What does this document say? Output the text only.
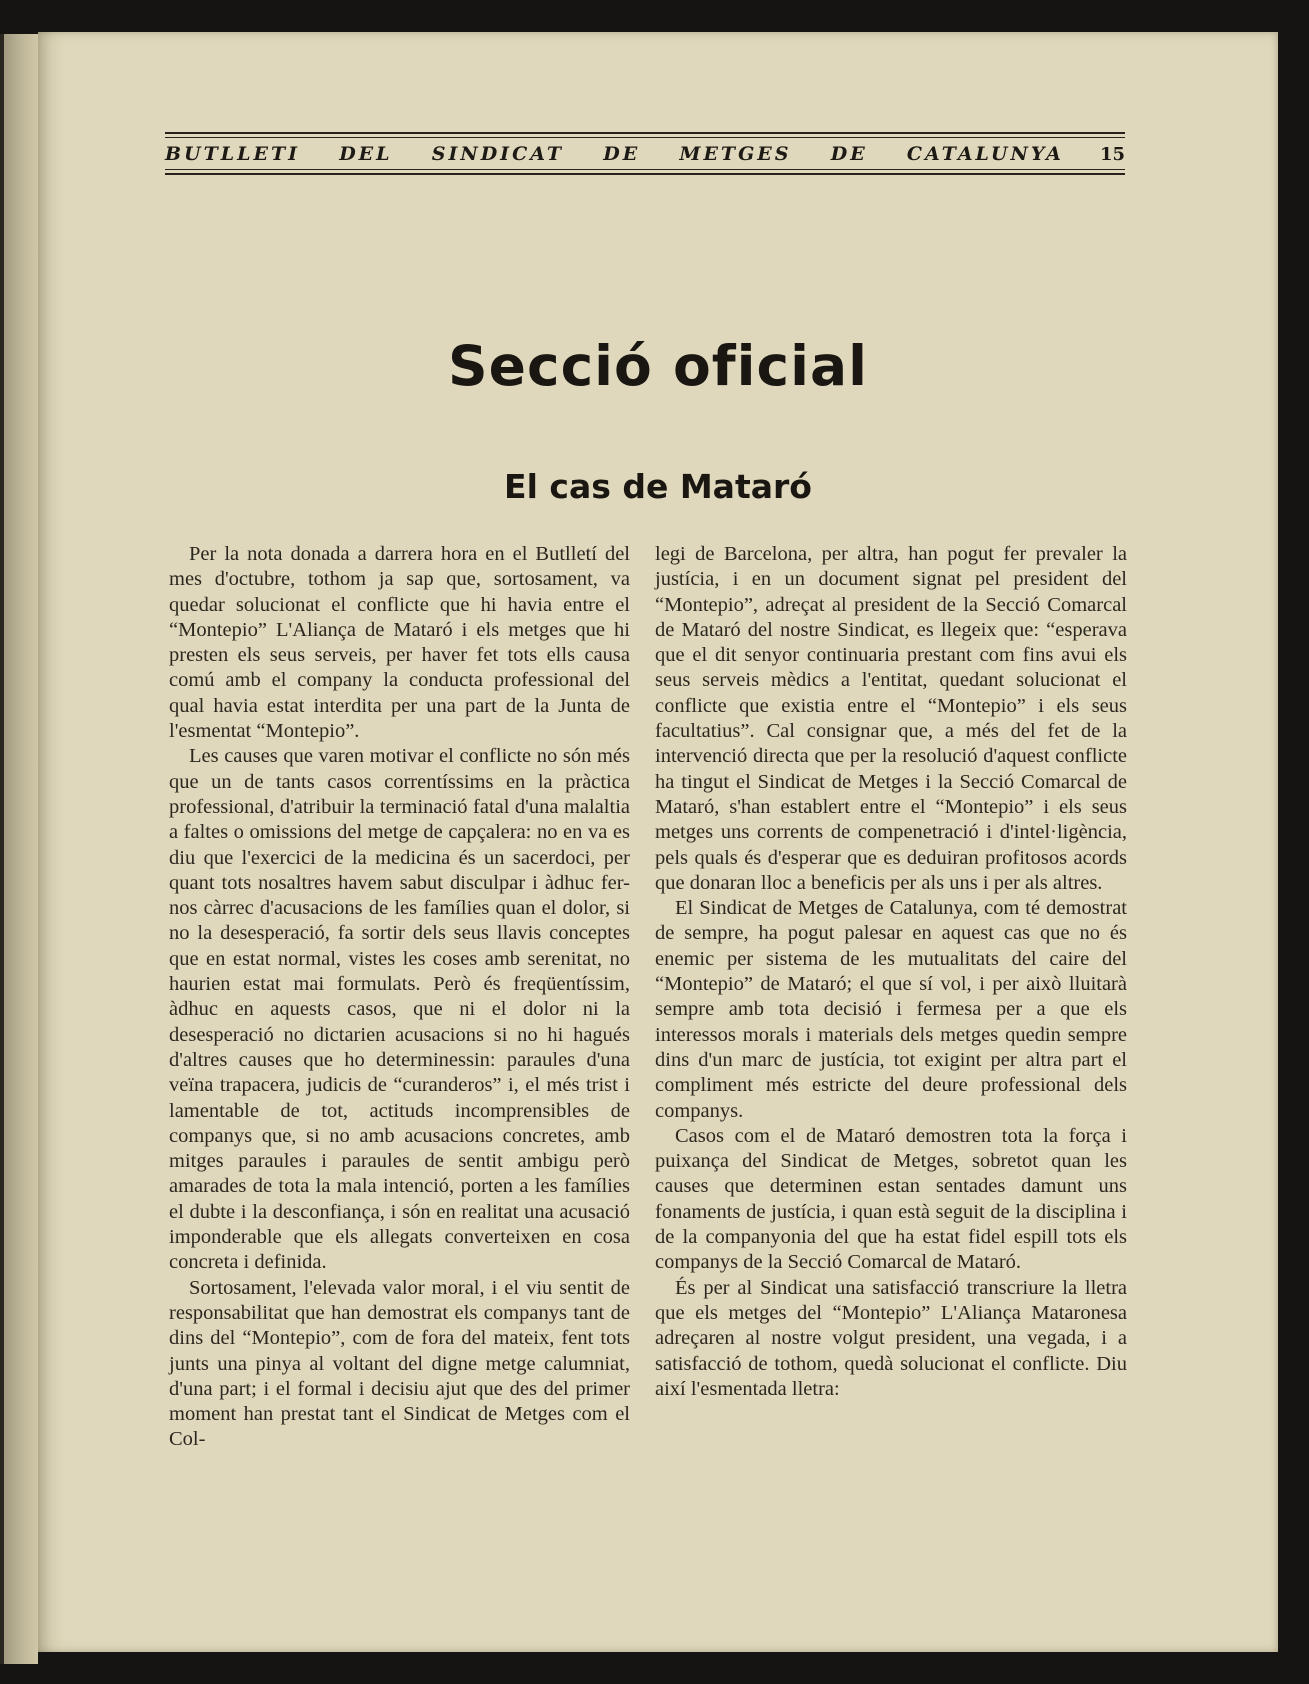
BUTLLETI DEL SINDICAT DE METGES DE CATALUNYA 15
Secció oficial
El cas de Mataró

Per la nota donada a darrera hora en el Butlletí del mes d'octubre, tothom ja sap que, sortosament, va quedar solucionat el conflicte que hi havia entre el “Montepio” L'Aliança de Mataró i els metges que hi presten els seus serveis, per haver fet tots ells causa comú amb el company la conducta professional del qual havia estat interdita per una part de la Junta de l'esmentat “Montepio”.

Les causes que varen motivar el conflicte no són més que un de tants casos correntíssims en la pràctica professional, d'atribuir la terminació fatal d'una malaltia a faltes o omissions del metge de capçalera: no en va es diu que l'exercici de la medicina és un sacerdoci, per quant tots nosaltres havem sabut disculpar i àdhuc fer-nos càrrec d'acusacions de les famílies quan el dolor, si no la desesperació, fa sortir dels seus llavis conceptes que en estat normal, vistes les coses amb serenitat, no haurien estat mai formulats. Però és freqüentíssim, àdhuc en aquests casos, que ni el dolor ni la desesperació no dictarien acusacions si no hi hagués d'altres causes que ho determinessin: paraules d'una veïna trapacera, judicis de “curanderos” i, el més trist i lamentable de tot, actituds incomprensibles de companys que, si no amb acusacions concretes, amb mitges paraules i paraules de sentit ambigu però amarades de tota la mala intenció, porten a les famílies el dubte i la desconfiança, i són en realitat una acusació imponderable que els allegats converteixen en cosa concreta i definida.

Sortosament, l'elevada valor moral, i el viu sentit de responsabilitat que han demostrat els companys tant de dins del “Montepio”, com de fora del mateix, fent tots junts una pinya al voltant del digne metge calumniat, d'una part; i el formal i decisiu ajut que des del primer moment han prestat tant el Sindicat de Metges com el Col-

legi de Barcelona, per altra, han pogut fer prevaler la justícia, i en un document signat pel president del “Montepio”, adreçat al president de la Secció Comarcal de Mataró del nostre Sindicat, es llegeix que: “esperava que el dit senyor continuaria prestant com fins avui els seus serveis mèdics a l'entitat, quedant solucionat el conflicte que existia entre el “Montepio” i els seus facultatius”. Cal consignar que, a més del fet de la intervenció directa que per la resolució d'aquest conflicte ha tingut el Sindicat de Metges i la Secció Comarcal de Mataró, s'han establert entre el “Montepio” i els seus metges uns corrents de compenetració i d'intel·ligència, pels quals és d'esperar que es deduiran profitosos acords que donaran lloc a beneficis per als uns i per als altres.

El Sindicat de Metges de Catalunya, com té demostrat de sempre, ha pogut palesar en aquest cas que no és enemic per sistema de les mutualitats del caire del “Montepio” de Mataró; el que sí vol, i per això lluitarà sempre amb tota decisió i fermesa per a que els interessos morals i materials dels metges quedin sempre dins d'un marc de justícia, tot exigint per altra part el compliment més estricte del deure professional dels companys.

Casos com el de Mataró demostren tota la força i puixança del Sindicat de Metges, sobretot quan les causes que determinen estan sentades damunt uns fonaments de justícia, i quan està seguit de la disciplina i de la companyonia del que ha estat fidel espill tots els companys de la Secció Comarcal de Mataró.

És per al Sindicat una satisfacció transcriure la lletra que els metges del “Montepio” L'Aliança Mataronesa adreçaren al nostre volgut president, una vegada, i a satisfacció de tothom, quedà solucionat el conflicte. Diu així l'esmentada lletra:
